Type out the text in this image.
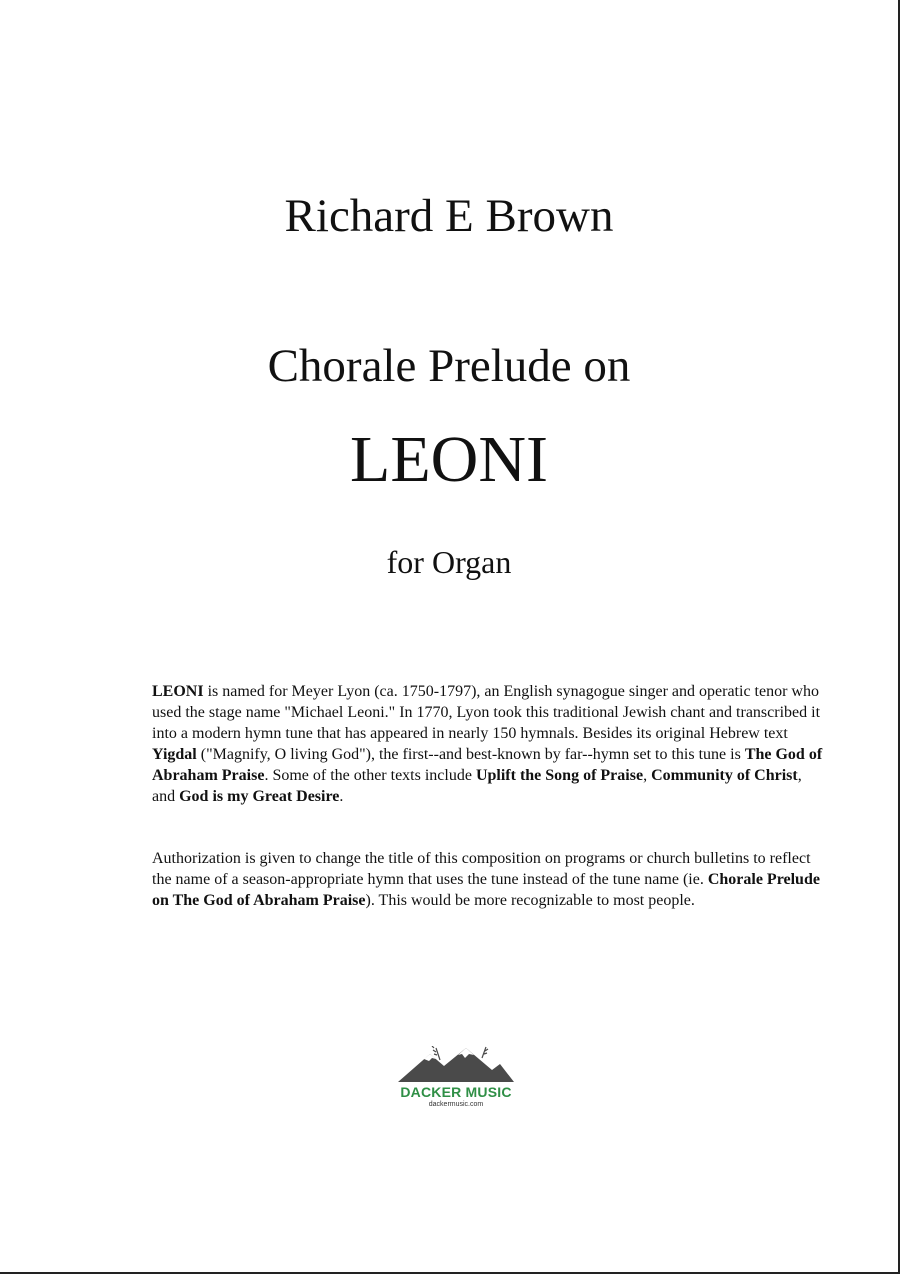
Richard E Brown
Chorale Prelude on
LEONI
for Organ

LEONI is named for Meyer Lyon (ca. 1750-1797), an English synagogue singer and operatic tenor who used the stage name "Michael Leoni." In 1770, Lyon took this traditional Jewish chant and transcribed it into a modern hymn tune that has appeared in nearly 150 hymnals. Besides its original Hebrew text Yigdal ("Magnify, O living God"), the first--and best-known by far--hymn set to this tune is The God of Abraham Praise. Some of the other texts include Uplift the Song of Praise, Community of Christ, and God is my Great Desire.

Authorization is given to change the title of this composition on programs or church bulletins to reflect the name of a season-appropriate hymn that uses the tune instead of the tune name (ie. Chorale Prelude on The God of Abraham Praise). This would be more recognizable to most people.

DACKER MUSIC
dackermusic.com
